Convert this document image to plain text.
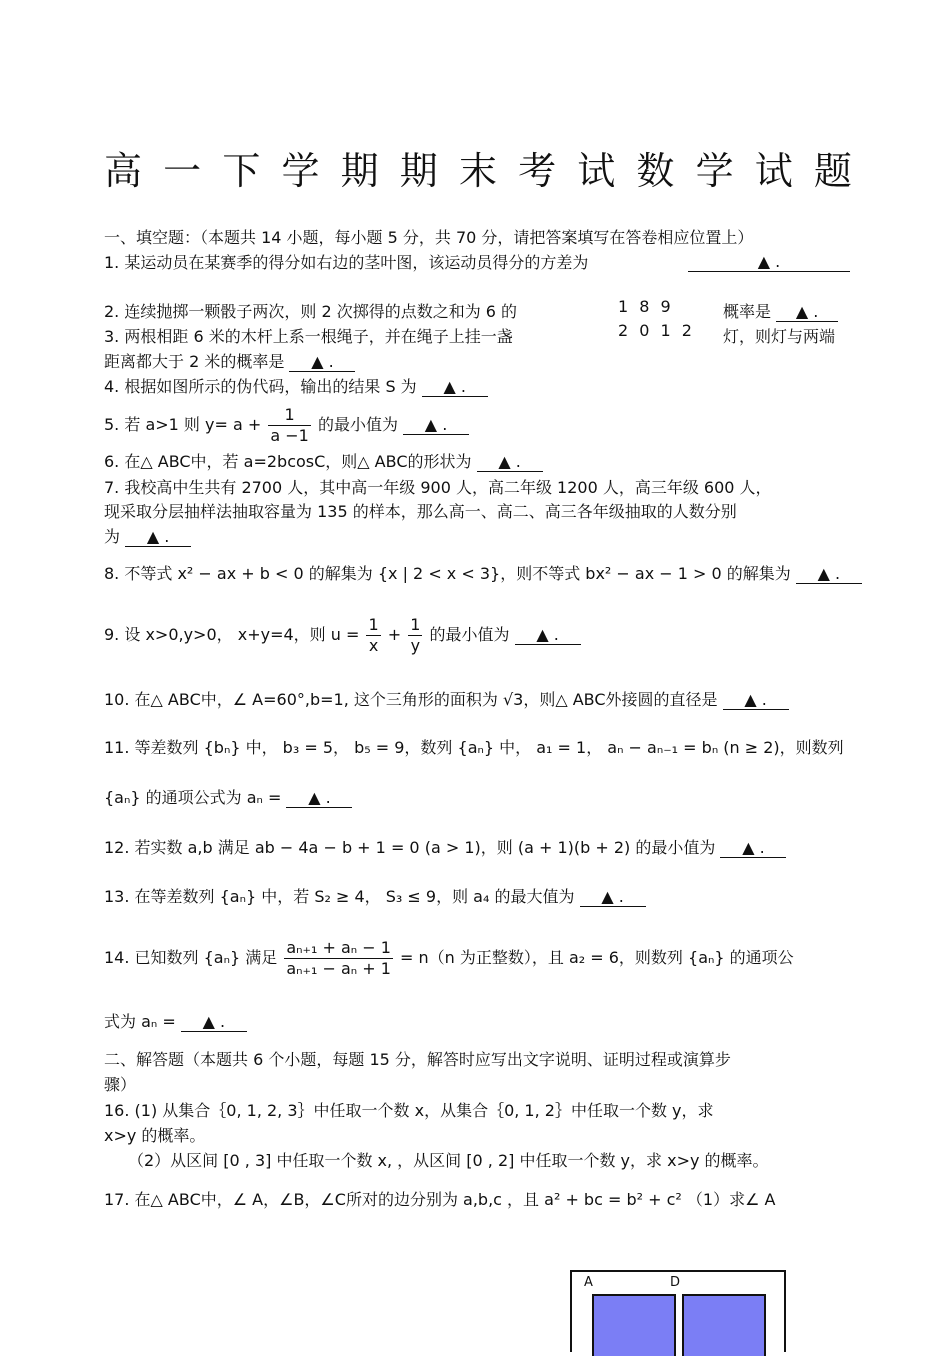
高 一 下 学 期 期 末 考 试 数 学 试 题
一、填空题：（本题共 14 小题，每小题 5 分，共 70 分，请把答案填写在答卷相应位置上）
1. 某运动员在某赛季的得分如右边的茎叶图，该运动员得分的方差为	▲ .
1 8 9
2 0 1 2
2. 连续抛掷一颗骰子两次，则 2 次掷得的点数之和为 6 的	概率是 ▲ .
3. 两根相距 6 米的木杆上系一根绳子，并在绳子上挂一盏	灯，则灯与两端
距离都大于 2 米的概率是 ▲ .
4. 根据如图所示的伪代码，输出的结果 S 为 ▲ .
5. 若 a>1 则 $y= a + \frac{1}{a -1}$ 的最小值为 ▲ .
6. 在△ ABC中，若 a=2bcosC，则△ ABC的形状为 ▲ .
7. 我校高中生共有 2700 人，其中高一年级 900 人，高二年级 1200 人，高三年级 600 人，
现采取分层抽样法抽取容量为 135 的样本，那么高一、高二、高三各年级抽取的人数分别
为 ▲ .
8. 不等式 x² − ax + b < 0 的解集为 {x | 2 < x < 3}，则不等式 bx² − ax − 1 > 0 的解集为 ▲ .
9. 设 x>0,y>0， x+y=4，则 $u = \frac{1}{x} + \frac{1}{y}$ 的最小值为 ▲ .
10. 在△ ABC中，∠ A=60°,b=1, 这个三角形的面积为 √3，则△ ABC外接圆的直径是 ▲ .
11. 等差数列 {bₙ} 中， b₃ = 5， b₅ = 9，数列 {aₙ} 中， a₁ = 1， aₙ − aₙ₋₁ = bₙ (n ≥ 2)，则数列
{aₙ} 的通项公式为 aₙ = ▲ .
12. 若实数 a,b 满足 ab − 4a − b + 1 = 0 (a > 1)，则 (a + 1)(b + 2) 的最小值为 ▲ .
13. 在等差数列 {aₙ} 中，若 S₂ ≥ 4， S₃ ≤ 9，则 a₄ 的最大值为 ▲ .
14. 已知数列 {aₙ} 满足 $\frac{\text{aₙ₊₁ + aₙ − 1}}{\text{aₙ₊₁ − aₙ + 1}} = n(n$ 为正整数），且 a₂ = 6，则数列 {aₙ} 的通项公
式为 aₙ = ▲ .
二、解答题（本题共 6 个小题，每题 15 分，解答时应写出文字说明、证明过程或演算步
骤）
16. (1) 从集合｛0, 1, 2, 3｝中任取一个数 x，从集合｛0, 1, 2｝中任取一个数 y，求
x>y 的概率。
（2）从区间 [0 , 3] 中任取一个数 x, ，从区间 [0 , 2] 中任取一个数 y，求 x>y 的概率。
17. 在△ ABC中，∠ A，∠B，∠C所对的边分别为 a,b,c ，且 a² + bc = b² + c² （1）求∠ A
A	D
